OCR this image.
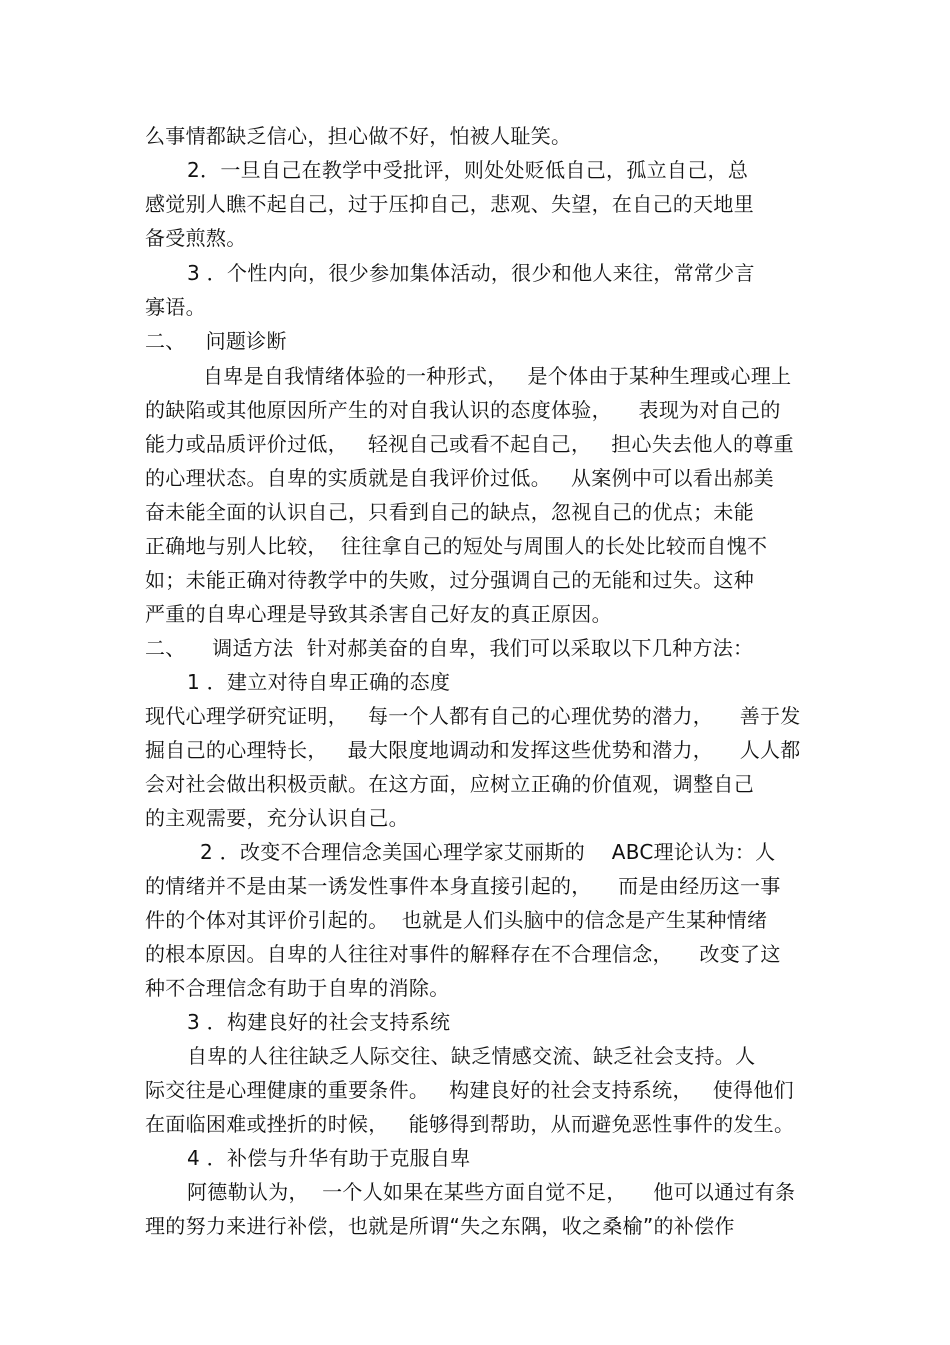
么事情都缺乏信心，担心做不好，怕被人耻笑。
2．一旦自己在教学中受批评，则处处贬低自己，孤立自己，总
感觉别人瞧不起自己，过于压抑自己，悲观、失望，在自己的天地里
备受煎熬。
3 ．个性内向，很少参加集体活动，很少和他人来往，常常少言
寡语。
二、   问题诊断
自卑是自我情绪体验的一种形式，   是个体由于某种生理或心理上
的缺陷或其他原因所产生的对自我认识的态度体验，    表现为对自己的
能力或品质评价过低，   轻视自己或看不起自己，   担心失去他人的尊重
的心理状态。自卑的实质就是自我评价过低。   从案例中可以看出郝美
奋未能全面的认识自己，只看到自己的缺点，忽视自己的优点；未能
正确地与别人比较，  往往拿自己的短处与周围人的长处比较而自愧不
如；未能正确对待教学中的失败，过分强调自己的无能和过失。这种
严重的自卑心理是导致其杀害自己好友的真正原因。
二、    调适方法  针对郝美奋的自卑，我们可以采取以下几种方法：
1 ．建立对待自卑正确的态度
现代心理学研究证明，   每一个人都有自己的心理优势的潜力，    善于发
掘自己的心理特长，   最大限度地调动和发挥这些优势和潜力，    人人都
会对社会做出积极贡献。在这方面，应树立正确的价值观，调整自己
的主观需要，充分认识自己。
2 ．改变不合理信念美国心理学家艾丽斯的    ABC理论认为：人
的情绪并不是由某一诱发性事件本身直接引起的，    而是由经历这一事
件的个体对其评价引起的。  也就是人们头脑中的信念是产生某种情绪
的根本原因。自卑的人往往对事件的解释存在不合理信念，    改变了这
种不合理信念有助于自卑的消除。
3 ．构建良好的社会支持系统
自卑的人往往缺乏人际交往、缺乏情感交流、缺乏社会支持。人
际交往是心理健康的重要条件。   构建良好的社会支持系统，   使得他们
在面临困难或挫折的时候，   能够得到帮助，从而避免恶性事件的发生。
4 ．补偿与升华有助于克服自卑
阿德勒认为，  一个人如果在某些方面自觉不足，    他可以通过有条
理的努力来进行补偿，也就是所谓“失之东隅，收之桑榆”的补偿作
